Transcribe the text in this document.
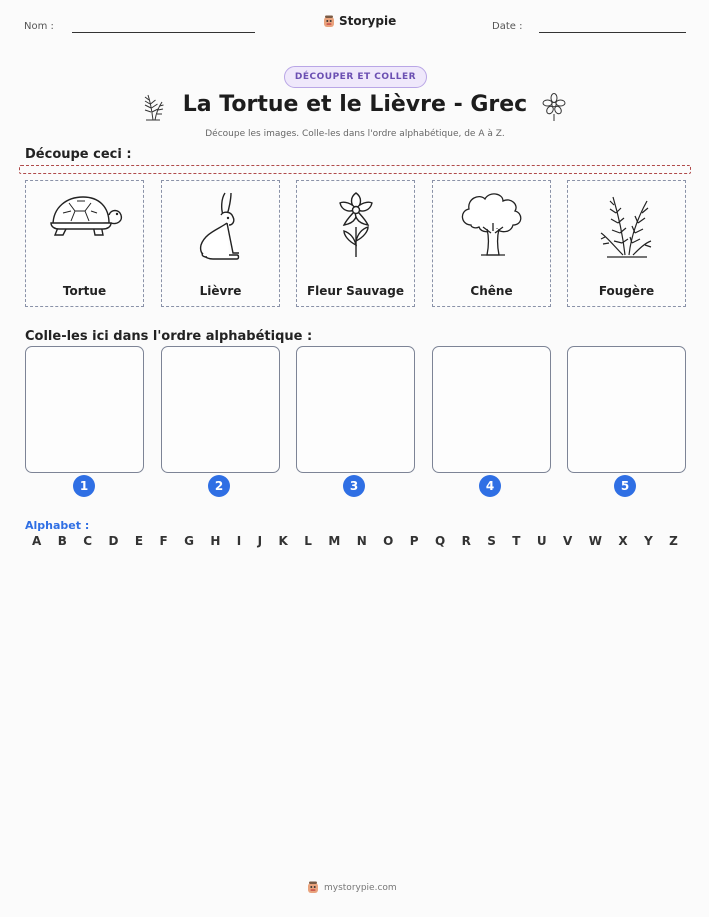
Nom :	Storypie	Date :
DÉCOUPER ET COLLER
La Tortue et le Lièvre - Grec
Découpe les images. Colle-les dans l'ordre alphabétique, de A à Z.
Découpe ceci :
Tortue	Lièvre	Fleur Sauvage	Chêne	Fougère
Colle-les ici dans l'ordre alphabétique :
1	2	3	4	5
Alphabet :
A B C D E F G H I J K L M N O P Q R S T U V W X Y Z
mystorypie.com
